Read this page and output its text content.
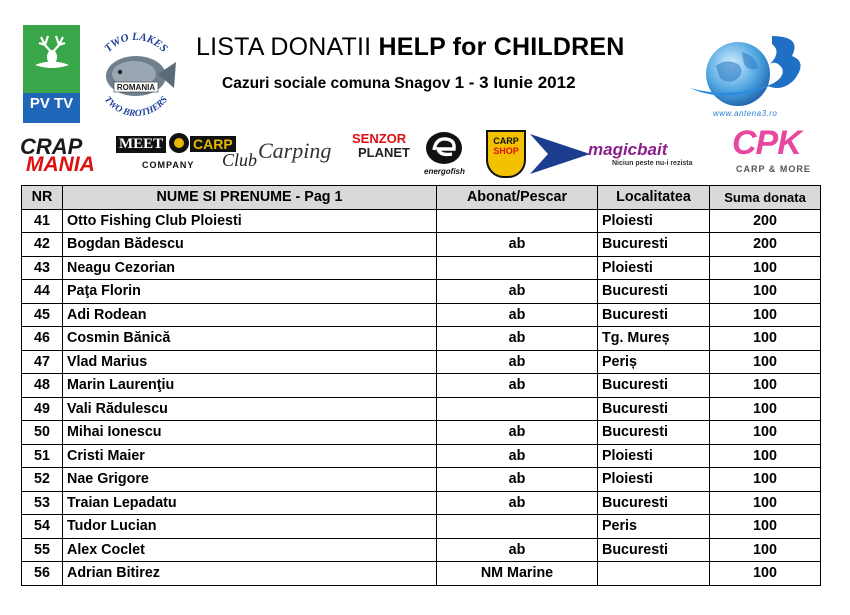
PV TV
ROMANIA
TWO LAKES
TWO BROTHERS
LISTA DONATII HELP for CHILDREN
Cazuri sociale comuna Snagov 1 - 3 Iunie 2012
www.antena3.ro
CRAP
MANIA
MEET CARP
COMPANY Club Carping SENZOR
PLANET
energofish
CARP
SHOP	magicbait
Niciun peste nu-i rezista
CPK
CARP & MORE
NR	NUME SI PRENUME - Pag 1	Abonat/Pescar	Localitatea	Suma donata
41	Otto Fishing Club Ploiesti		Ploiesti	200
42	Bogdan Bădescu	ab	Bucuresti	200
43	Neagu Cezorian		Ploiesti	100
44	Paţa Florin	ab	Bucuresti	100
45	Adi Rodean	ab	Bucuresti	100
46	Cosmin Bănică	ab	Tg. Mureș	100
47	Vlad Marius	ab	Periș	100
48	Marin Laurenţiu	ab	Bucuresti	100
49	Vali Rădulescu		Bucuresti	100
50	Mihai Ionescu	ab	Bucuresti	100
51	Cristi Maier	ab	Ploiesti	100
52	Nae Grigore	ab	Ploiesti	100
53	Traian Lepadatu	ab	Bucuresti	100
54	Tudor Lucian		Peris	100
55	Alex Coclet	ab	Bucuresti	100
56	Adrian Bitirez	NM Marine		100
